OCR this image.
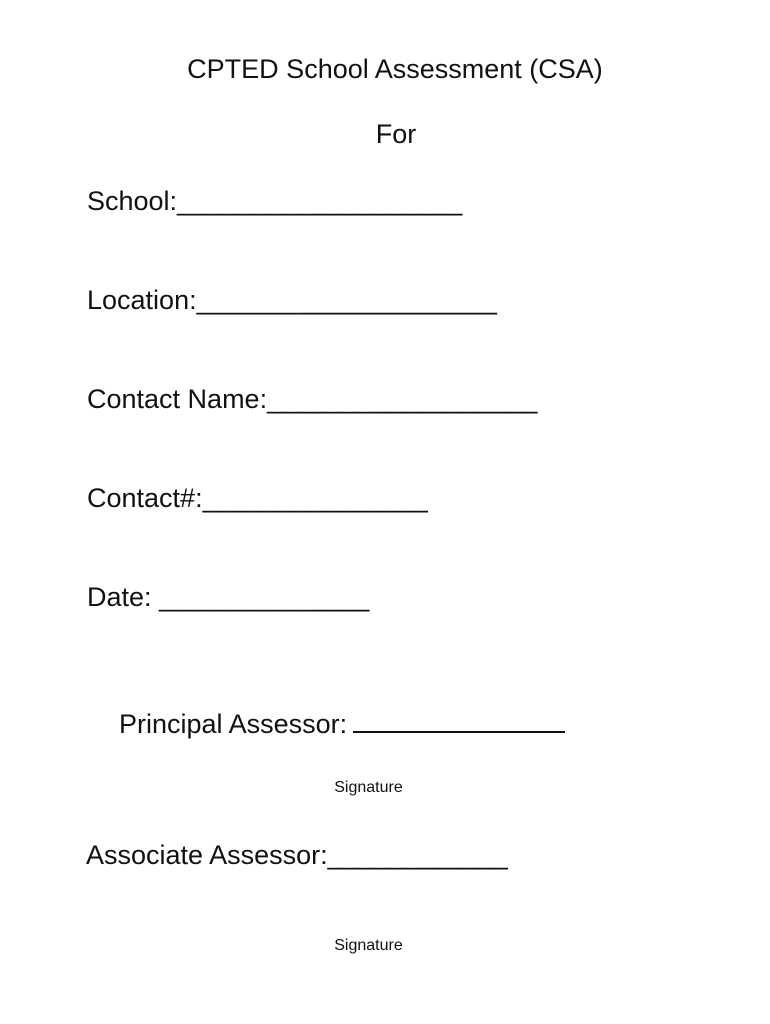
CPTED School Assessment (CSA)
For
School:___________________
Location:____________________
Contact Name:__________________
Contact#:_______________
Date: ______________

Principal Assessor:

Signature
Associate Assessor:____________
Signature
